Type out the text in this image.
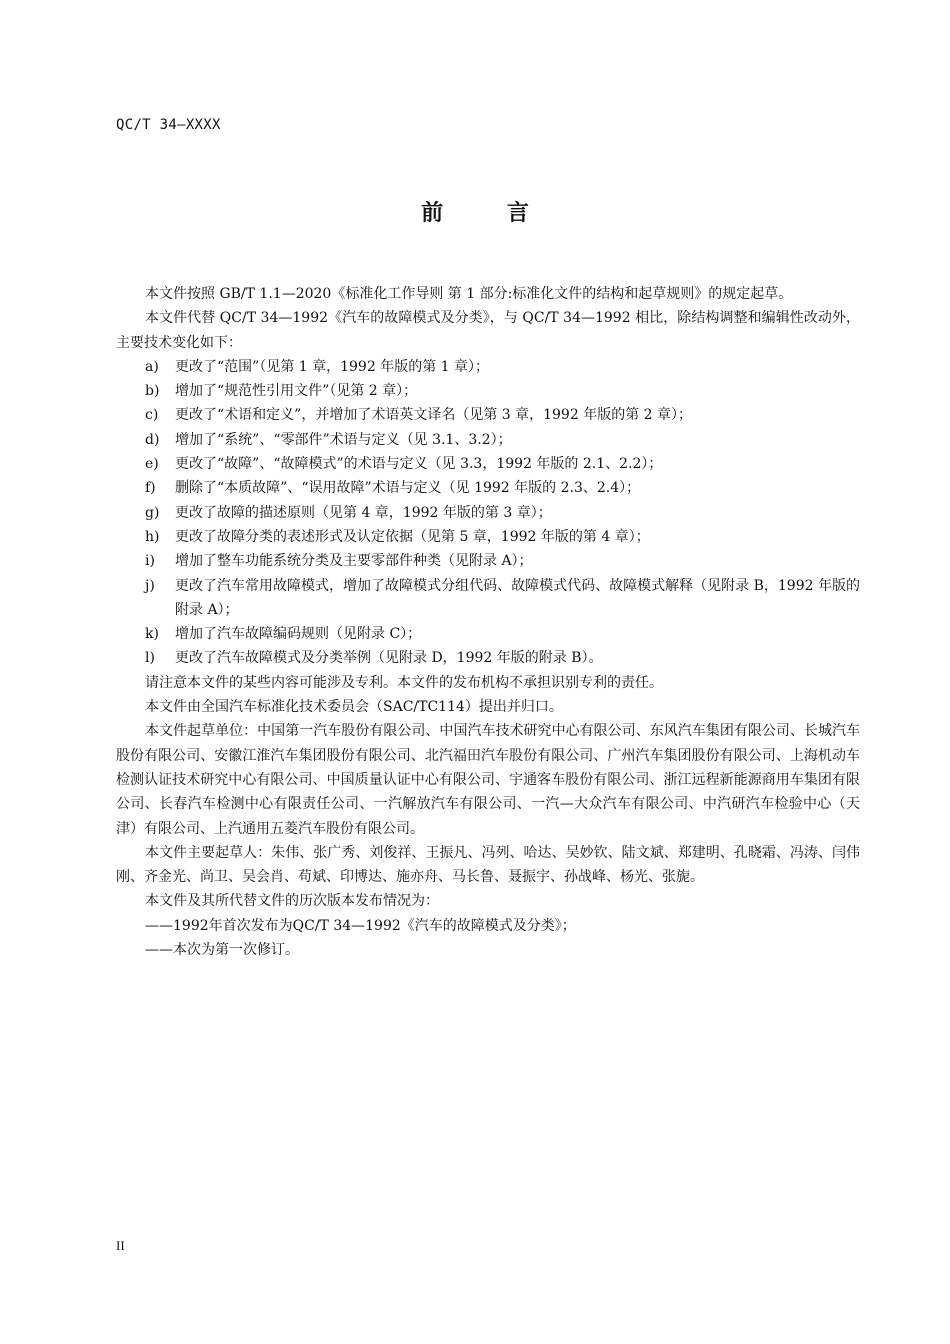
QC/T 34—XXXX
前 言

本文件按照 GB/T 1.1—2020《标准化工作导则 第 1 部分:标准化文件的结构和起草规则》的规定起草。

本文件代替 QC/T 34—1992《汽车的故障模式及分类》，与 QC/T 34—1992 相比，除结构调整和编辑性改动外，主要技术变化如下：

a)	更改了“范围”（见第 1 章，1992 年版的第 1 章）；
b)	增加了“规范性引用文件”（见第 2 章）；
c)	更改了“术语和定义”，并增加了术语英文译名（见第 3 章，1992 年版的第 2 章）；
d)	增加了“系统”、“零部件”术语与定义（见 3.1、3.2）；
e)	更改了“故障”、“故障模式”的术语与定义（见 3.3，1992 年版的 2.1、2.2）；
f)	删除了“本质故障”、“误用故障”术语与定义（见 1992 年版的 2.3、2.4）；
g)	更改了故障的描述原则（见第 4 章，1992 年版的第 3 章）；
h)	更改了故障分类的表述形式及认定依据（见第 5 章，1992 年版的第 4 章）；
i)	增加了整车功能系统分类及主要零部件种类（见附录 A）；
j)	更改了汽车常用故障模式，增加了故障模式分组代码、故障模式代码、故障模式解释（见附录 B，1992 年版的附录 A）；
k)	增加了汽车故障编码规则（见附录 C）；
l)	更改了汽车故障模式及分类举例（见附录 D，1992 年版的附录 B）。

请注意本文件的某些内容可能涉及专利。本文件的发布机构不承担识别专利的责任。

本文件由全国汽车标准化技术委员会（SAC/TC114）提出并归口。

本文件起草单位：中国第一汽车股份有限公司、中国汽车技术研究中心有限公司、东风汽车集团有限公司、长城汽车股份有限公司、安徽江淮汽车集团股份有限公司、北汽福田汽车股份有限公司、广州汽车集团股份有限公司、上海机动车检测认证技术研究中心有限公司、中国质量认证中心有限公司、宇通客车股份有限公司、浙江远程新能源商用车集团有限公司、长春汽车检测中心有限责任公司、一汽解放汽车有限公司、一汽—大众汽车有限公司、中汽研汽车检验中心（天津）有限公司、上汽通用五菱汽车股份有限公司。

本文件主要起草人：朱伟、张广秀、刘俊祥、王振凡、冯列、哈达、吴妙钦、陆文斌、郑建明、孔晓霜、冯涛、闫伟刚、齐金光、尚卫、吴会肖、苟斌、印博达、施亦舟、马长鲁、聂振宇、孙战峰、杨光、张旎。

本文件及其所代替文件的历次版本发布情况为：

——1992年首次发布为QC/T 34—1992《汽车的故障模式及分类》；

——本次为第一次修订。

II
